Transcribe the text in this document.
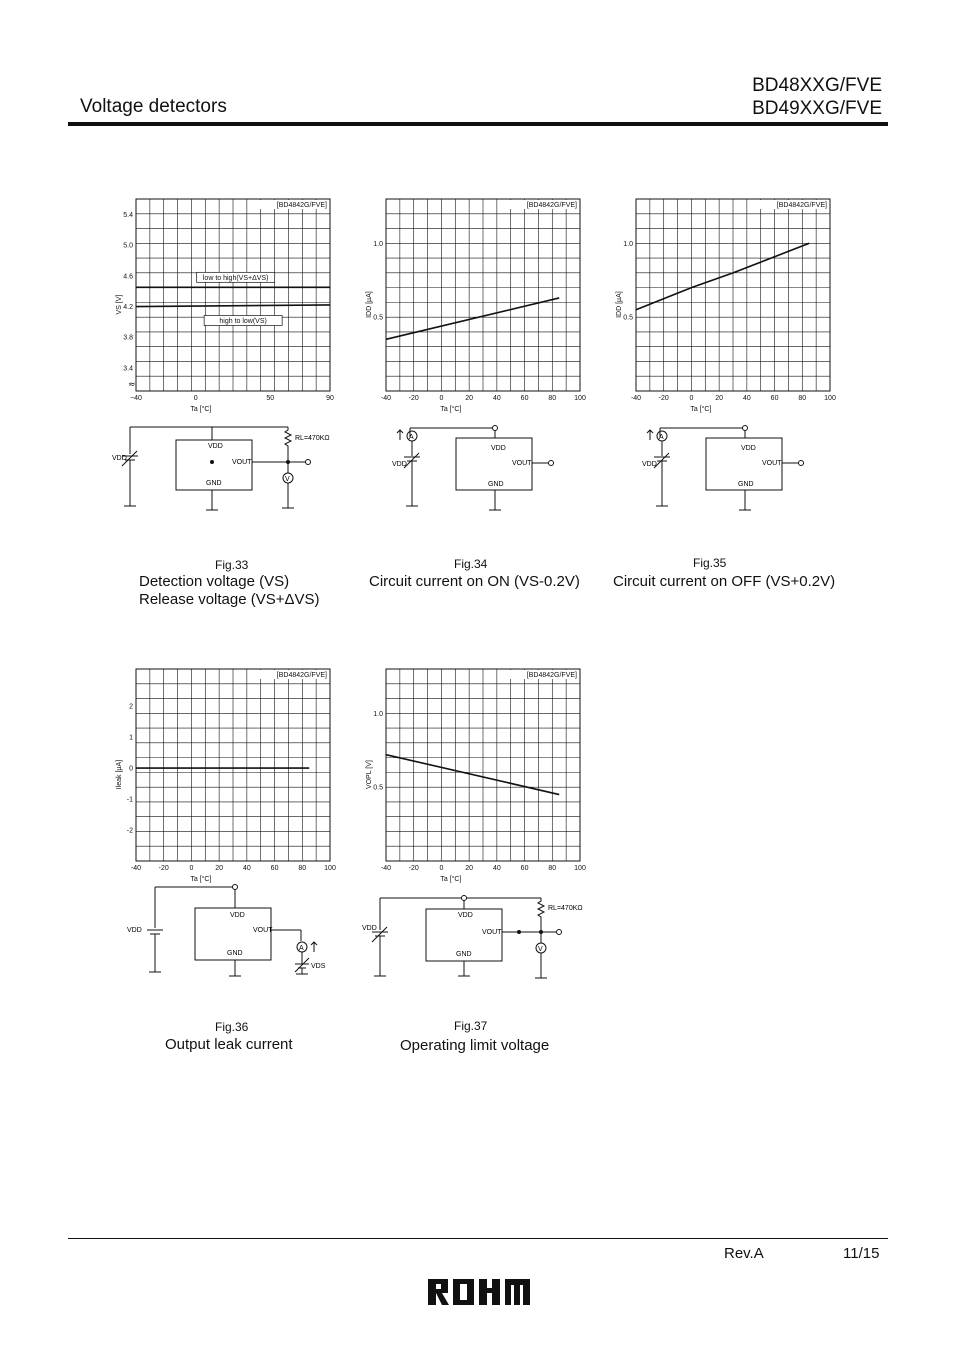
Voltage detectors
BD48XXG/FVE
BD49XXG/FVE
[BD4842G/FVE]
−40	0	50	90
3.4
3.8
4.2
4.6
5.0
5.4
Ta [°C]
VS [V]
≈
low to high(VS+ΔVS)
high to low(VS)
[BD4842G/FVE]
-40	-20	0	20	40	60	80	100
0.5
1.0
Ta [°C]
IDD [µA]
[BD4842G/FVE]
-40	-20	0	20	40	60	80	100
0.5
1.0
Ta [°C]
IDD [µA]
[BD4842G/FVE]
-40	-20	0	20	40	60	80	100
-2
-1
0
1
2
Ta [°C]
Ileak [µA]
[BD4842G/FVE]
-40	-20	0	20	40	60	80	100
0.5
1.0
Ta [°C]
VOPL [V]
VDD
VDD
VOUT
GND
RL=470KΩ
V
A
VDD
VDD
VOUT
GND
A
VDD
VDD
VOUT
GND
VDD
VDD
VOUT
GND
A
VDS
VDD
VDD
VOUT
GND
RL=470KΩ
V
Fig.33
Detection voltage (VS)
Release voltage (VS+ΔVS)
Fig.34
Circuit current on ON (VS-0.2V)
Fig.35
Circuit current on OFF (VS+0.2V)
Fig.36
Output leak current
Fig.37
Operating limit voltage
Rev.A	11/15
